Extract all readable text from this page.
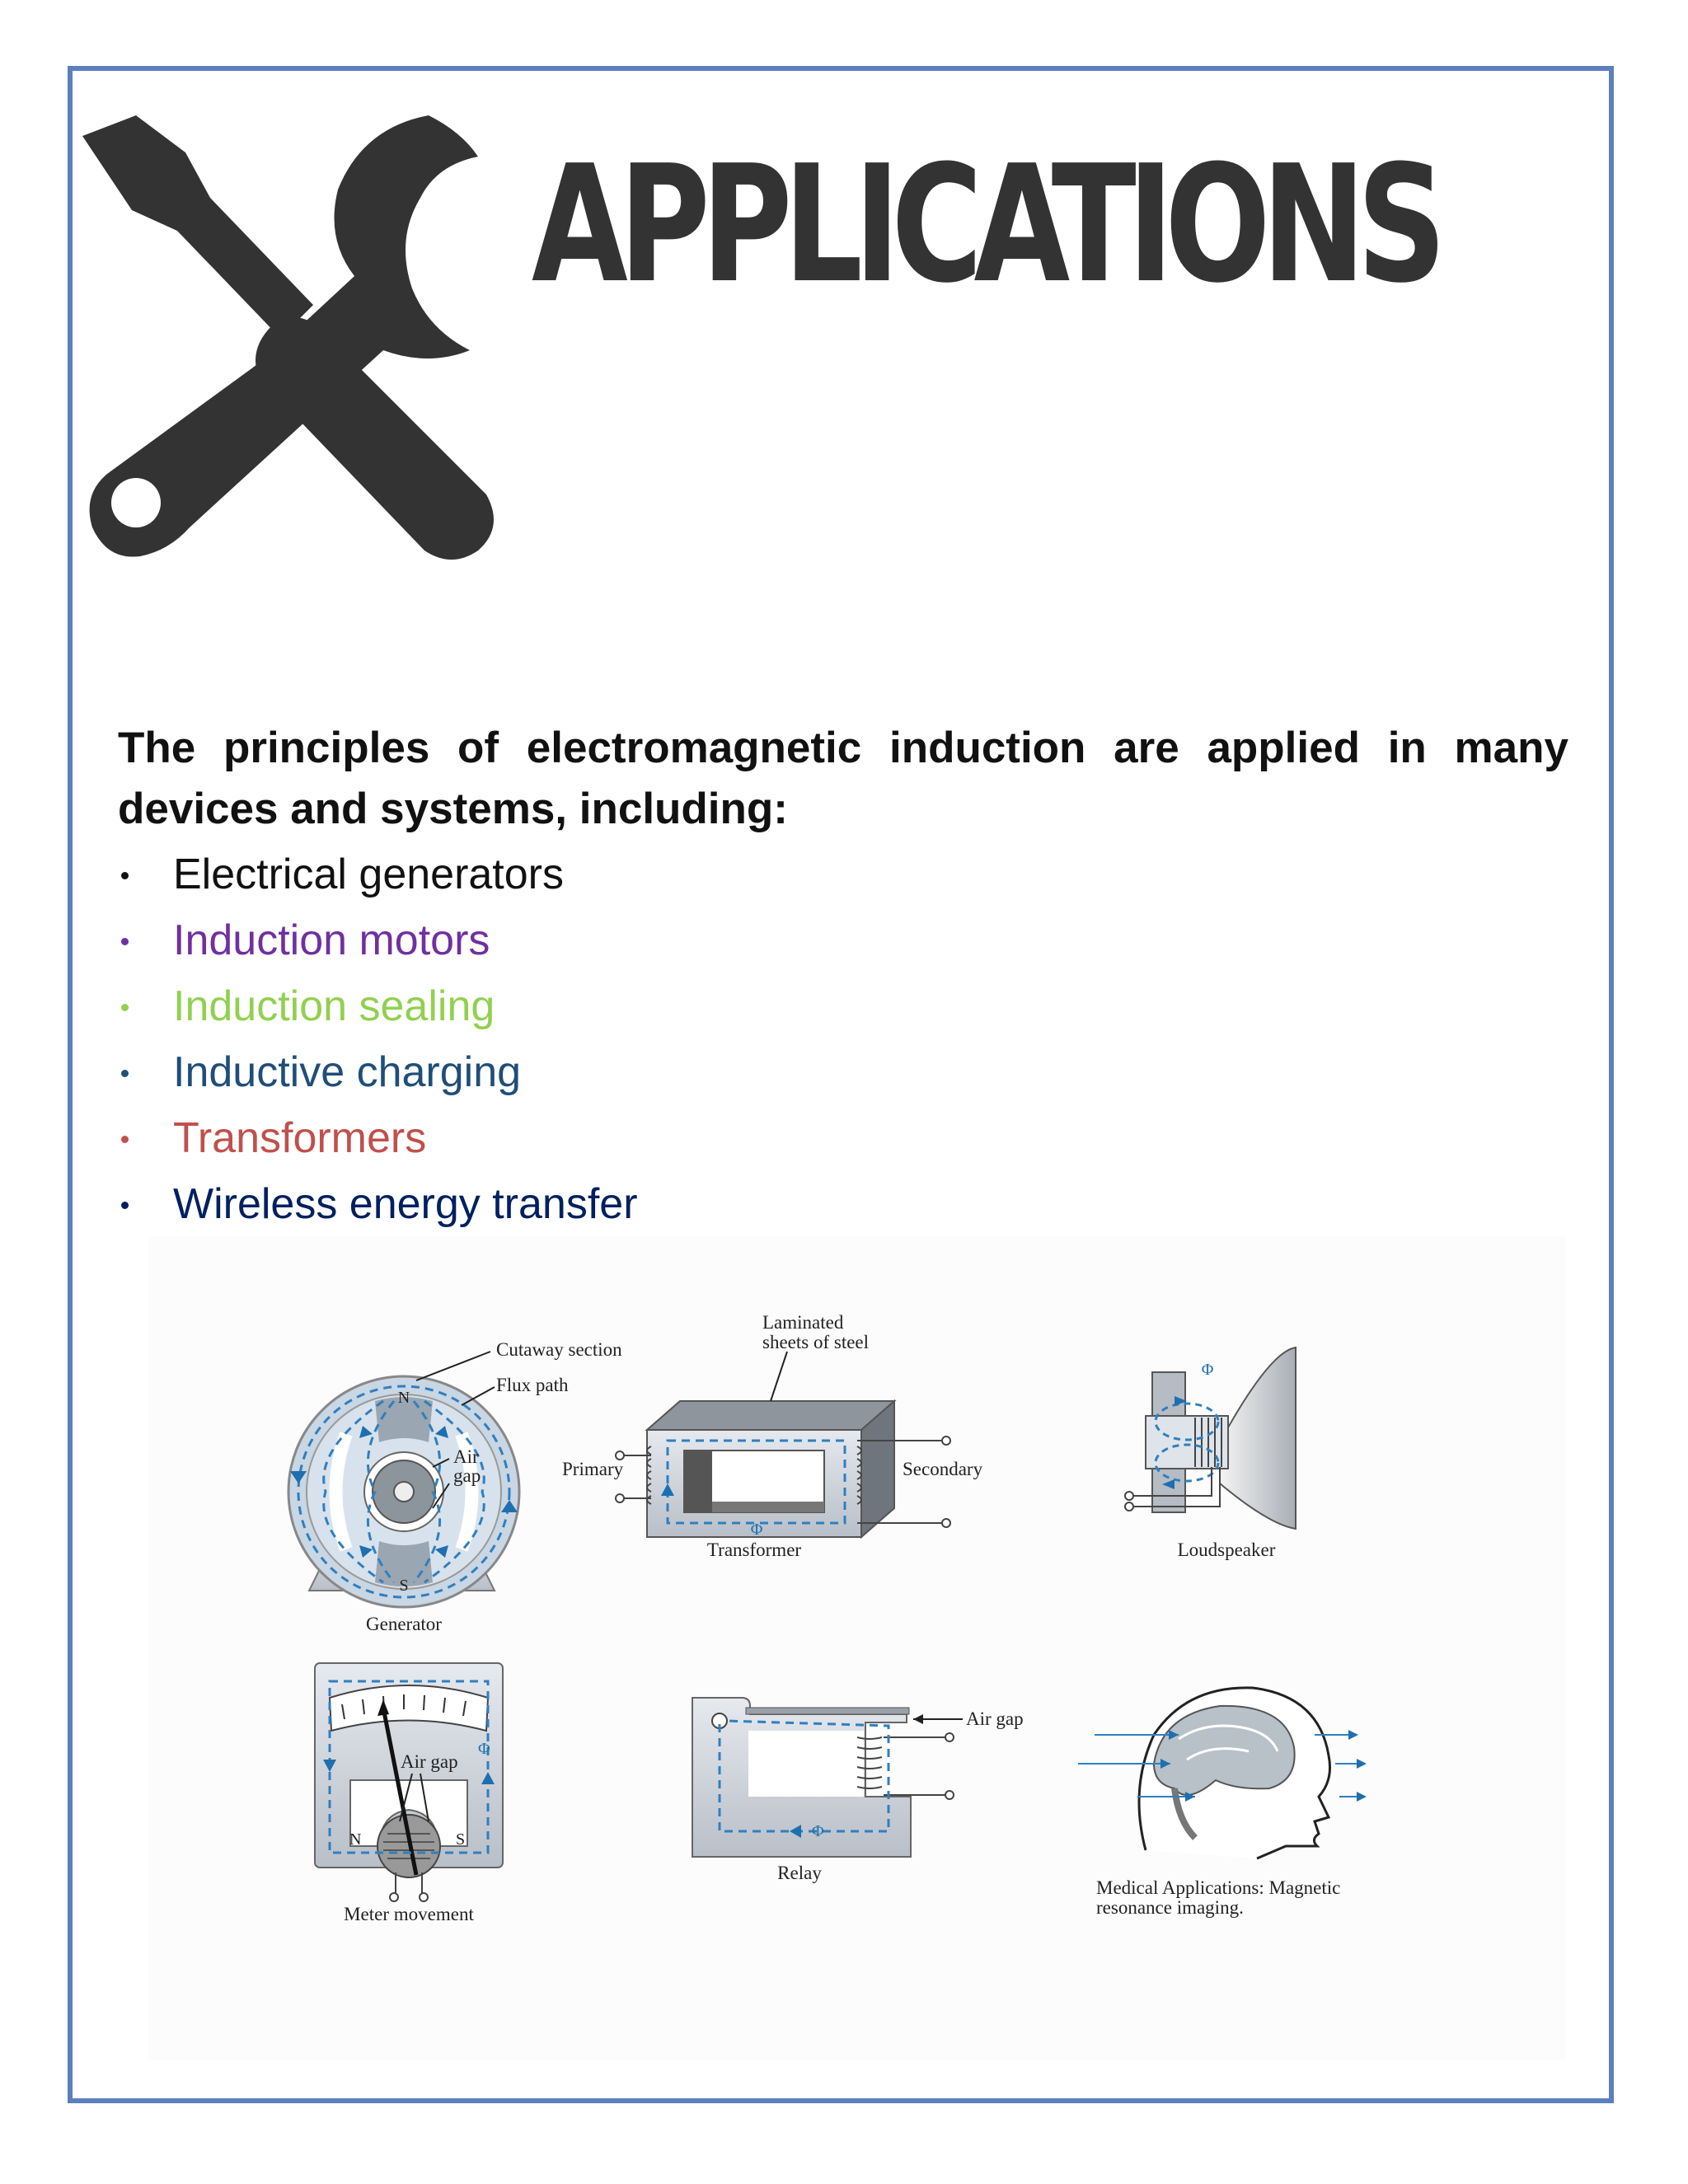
APPLICATIONS

The principles of electromagnetic induction are applied in many devices and systems, including:

Electrical generators
Induction motors
Induction sealing
Inductive charging
Transformers
Wireless energy transfer
N
S
Cutaway section
Flux path
Air
gap
Generator
Φ
Laminated
sheets of steel
Primary	Secondary
Transformer
Φ
Loudspeaker
Air gap
N	S
Φ
Meter movement
Air gap
Φ
Relay
Medical Applications: Magnetic
resonance imaging.
